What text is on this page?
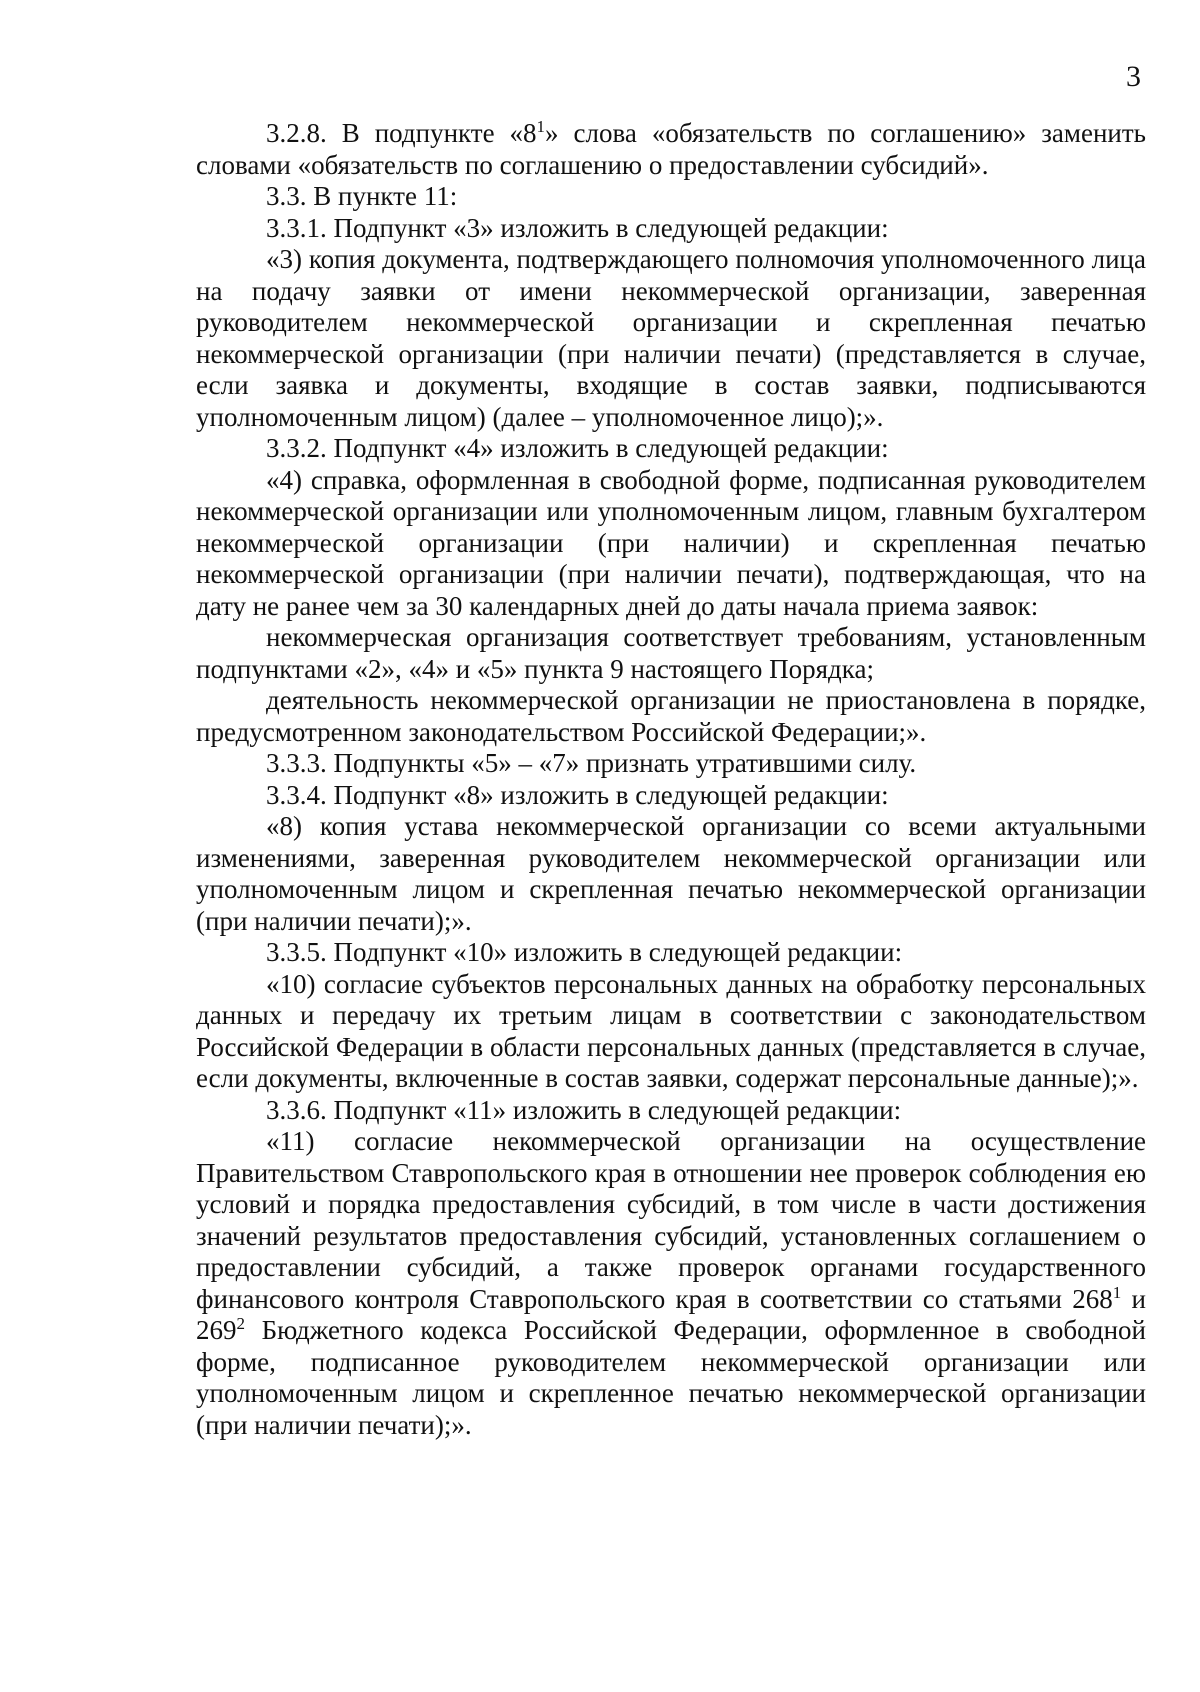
3

3.2.8. В подпункте «$8^1$» слова «обязательств по соглашению» заменить словами «обязательств по соглашению о предоставлении субсидий».

3.3. В пункте 11:

3.3.1. Подпункт «3» изложить в следующей редакции:

«3) копия документа, подтверждающего полномочия уполномоченного лица на подачу заявки от имени некоммерческой организации, заверенная руководителем некоммерческой организации и скрепленная печатью некоммерческой организации (при наличии печати) (представляется в случае, если заявка и документы, входящие в состав заявки, подписываются уполномоченным лицом) (далее – уполномоченное лицо);».

3.3.2. Подпункт «4» изложить в следующей редакции:

«4) справка, оформленная в свободной форме, подписанная руководителем некоммерческой организации или уполномоченным лицом, главным бухгалтером некоммерческой организации (при наличии) и скрепленная печатью некоммерческой организации (при наличии печати), подтверждающая, что на дату не ранее чем за 30 календарных дней до даты начала приема заявок:

некоммерческая организация соответствует требованиям, установленным подпунктами «2», «4» и «5» пункта 9 настоящего Порядка;

деятельность некоммерческой организации не приостановлена в порядке, предусмотренном законодательством Российской Федерации;».

3.3.3. Подпункты «5» – «7» признать утратившими силу.

3.3.4. Подпункт «8» изложить в следующей редакции:

«8) копия устава некоммерческой организации со всеми актуальными изменениями, заверенная руководителем некоммерческой организации или уполномоченным лицом и скрепленная печатью некоммерческой организации (при наличии печати);».

3.3.5. Подпункт «10» изложить в следующей редакции:

«10) согласие субъектов персональных данных на обработку персональных данных и передачу их третьим лицам в соответствии с законодательством Российской Федерации в области персональных данных (представляется в случае, если документы, включенные в состав заявки, содержат персональные данные);».

3.3.6. Подпункт «11» изложить в следующей редакции:

«11) согласие некоммерческой организации на осуществление Правительством Ставропольского края в отношении нее проверок соблюдения ею условий и порядка предоставления субсидий, в том числе в части достижения значений результатов предоставления субсидий, установленных соглашением о предоставлении субсидий, а также проверок органами государственного финансового контроля Ставропольского края в соответствии со статьями $268^1$ и $269^2$ Бюджетного кодекса Российской Федерации, оформленное в свободной форме, подписанное руководителем некоммерческой организации или уполномоченным лицом и скрепленное печатью некоммерческой организации (при наличии печати);».
